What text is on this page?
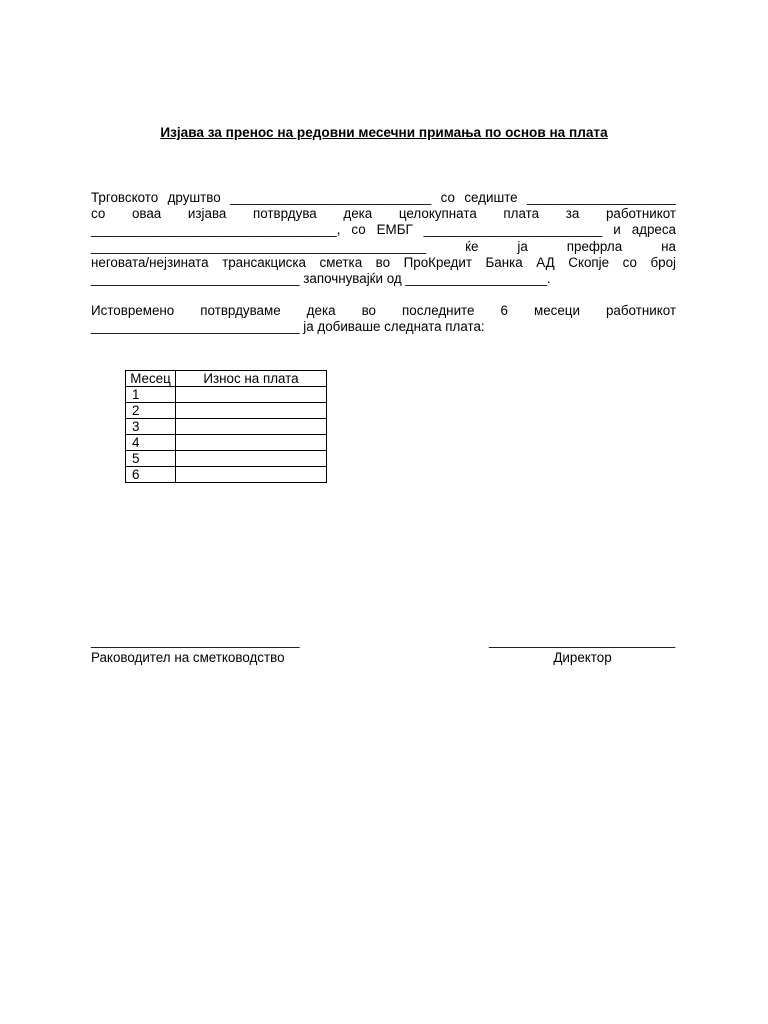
Изјава за пренос на редовни месечни примања по основ на плата
Трговското друштво ___________________________ со седиште ____________________
со оваа изјава потврдува дека целокупната плата за работникот
_________________________________, со ЕМБГ ________________________ и адреса
_____________________________________________ ќе ја префрла на
неговата/нејзината трансакциска сметка во ПроКредит Банка АД Скопје со број
____________________________ започнувајќи од ___________________.
Истовремено потврдуваме дека во последните 6 месеци работникот
____________________________ ја добиваше следната плата:
Месец	Износ на плата
1	
2	
3	
4	
5	
6	
____________________________
Раководител на сметководство
_________________________
Директор
